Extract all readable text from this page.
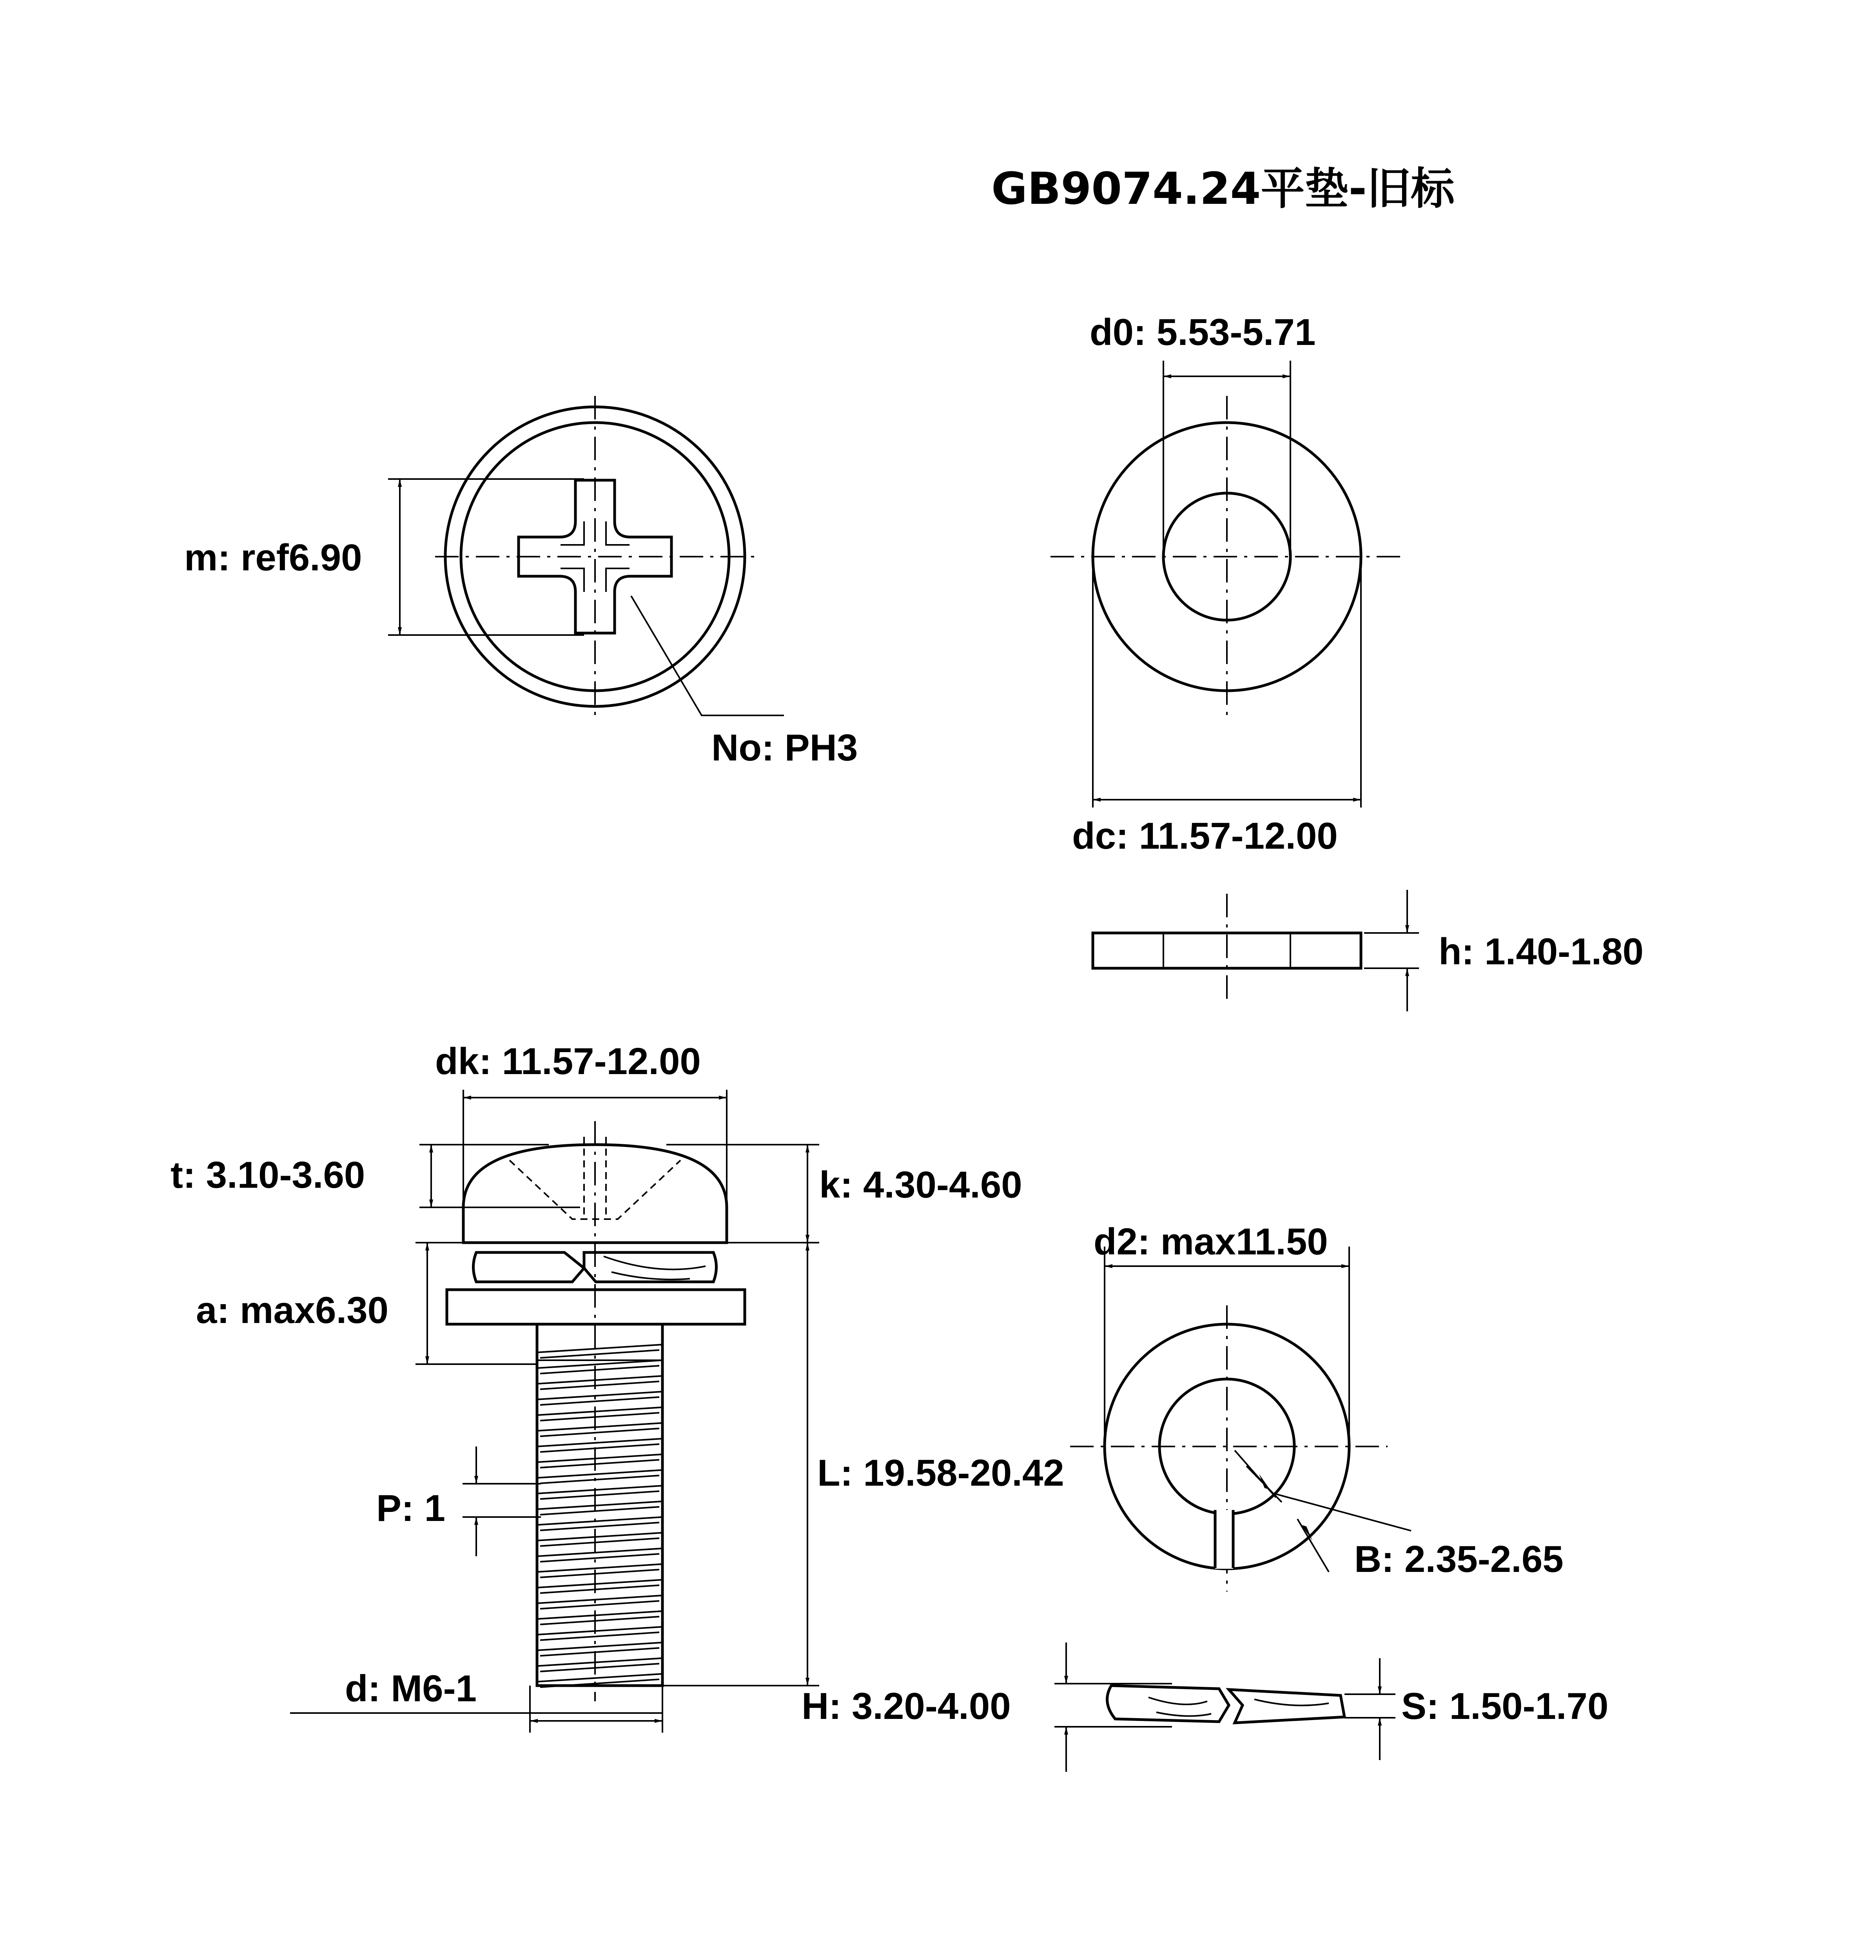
GB9074.24平垫-旧标
m: ref6.90
No: PH3
d0: 5.53-5.71
dc: 11.57-12.00
h: 1.40-1.80
dk: 11.57-12.00
t: 3.10-3.60	k: 4.30-4.60
a: max6.30
P: 1
L: 19.58-20.42
d: M6-1
d2: max11.50
B: 2.35-2.65
H: 3.20-4.00	S: 1.50-1.70
